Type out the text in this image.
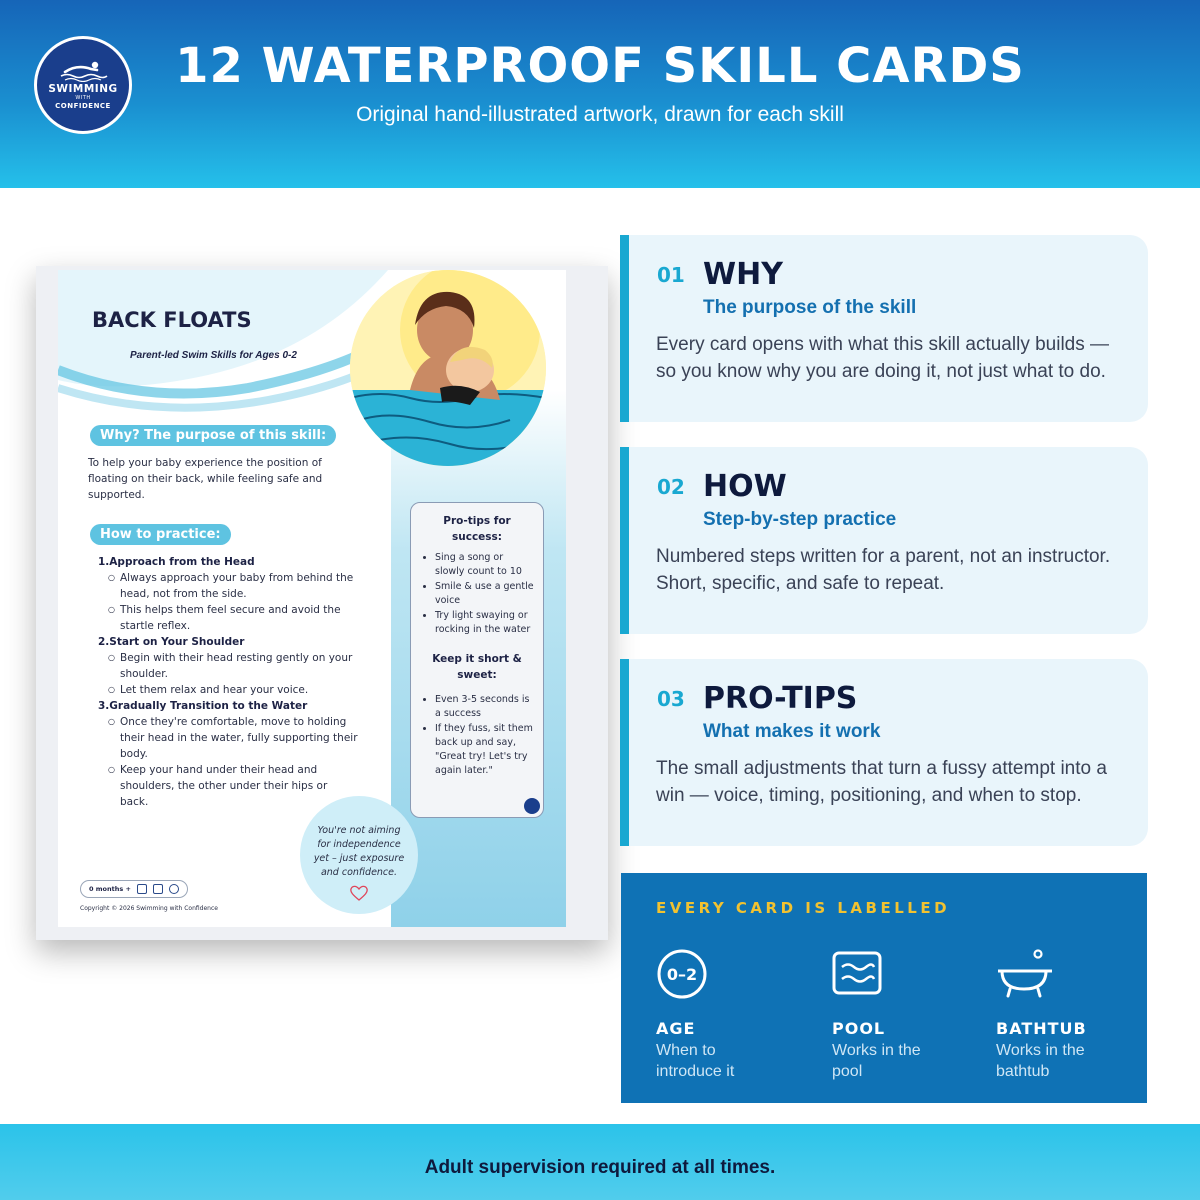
SWIMMING
WITH
CONFIDENCE
12 WATERPROOF SKILL CARDS
Original hand-illustrated artwork, drawn for each skill
BACK FLOATS
Parent-led Swim Skills for Ages 0-2
Why? The purpose of this skill:
To help your baby experience the position of floating on their back, while feeling safe and supported.
How to practice:
1.Approach from the Head
○ Always approach your baby from behind the head, not from the side.
○ This helps them feel secure and avoid the startle reflex.
2.Start on Your Shoulder
○ Begin with their head resting gently on your shoulder.
○ Let them relax and hear your voice.
3.Gradually Transition to the Water
○ Once they're comfortable, move to holding their head in the water, fully supporting their body.
○ Keep your hand under their head and shoulders, the other under their hips or back.
Pro-tips for success:
• Sing a song or slowly count to 10
• Smile & use a gentle voice
• Try light swaying or rocking in the water
Keep it short & sweet:
• Even 3-5 seconds is a success
• If they fuss, sit them back up and say, "Great try! Let's try again later."
You're not aiming for independence yet – just exposure and confidence.
0 months +
Copyright © 2026 Swimming with Confidence
01 WHY
The purpose of the skill
Every card opens with what this skill actually builds — so you know why you are doing it, not just what to do.
02 HOW
Step-by-step practice
Numbered steps written for a parent, not an instructor. Short, specific, and safe to repeat.
03 PRO-TIPS
What makes it work
The small adjustments that turn a fussy attempt into a win — voice, timing, positioning, and when to stop.
EVERY CARD IS LABELLED
0–2
AGE
When to introduce it
POOL
Works in the pool
BATHTUB
Works in the bathtub
Adult supervision required at all times.
